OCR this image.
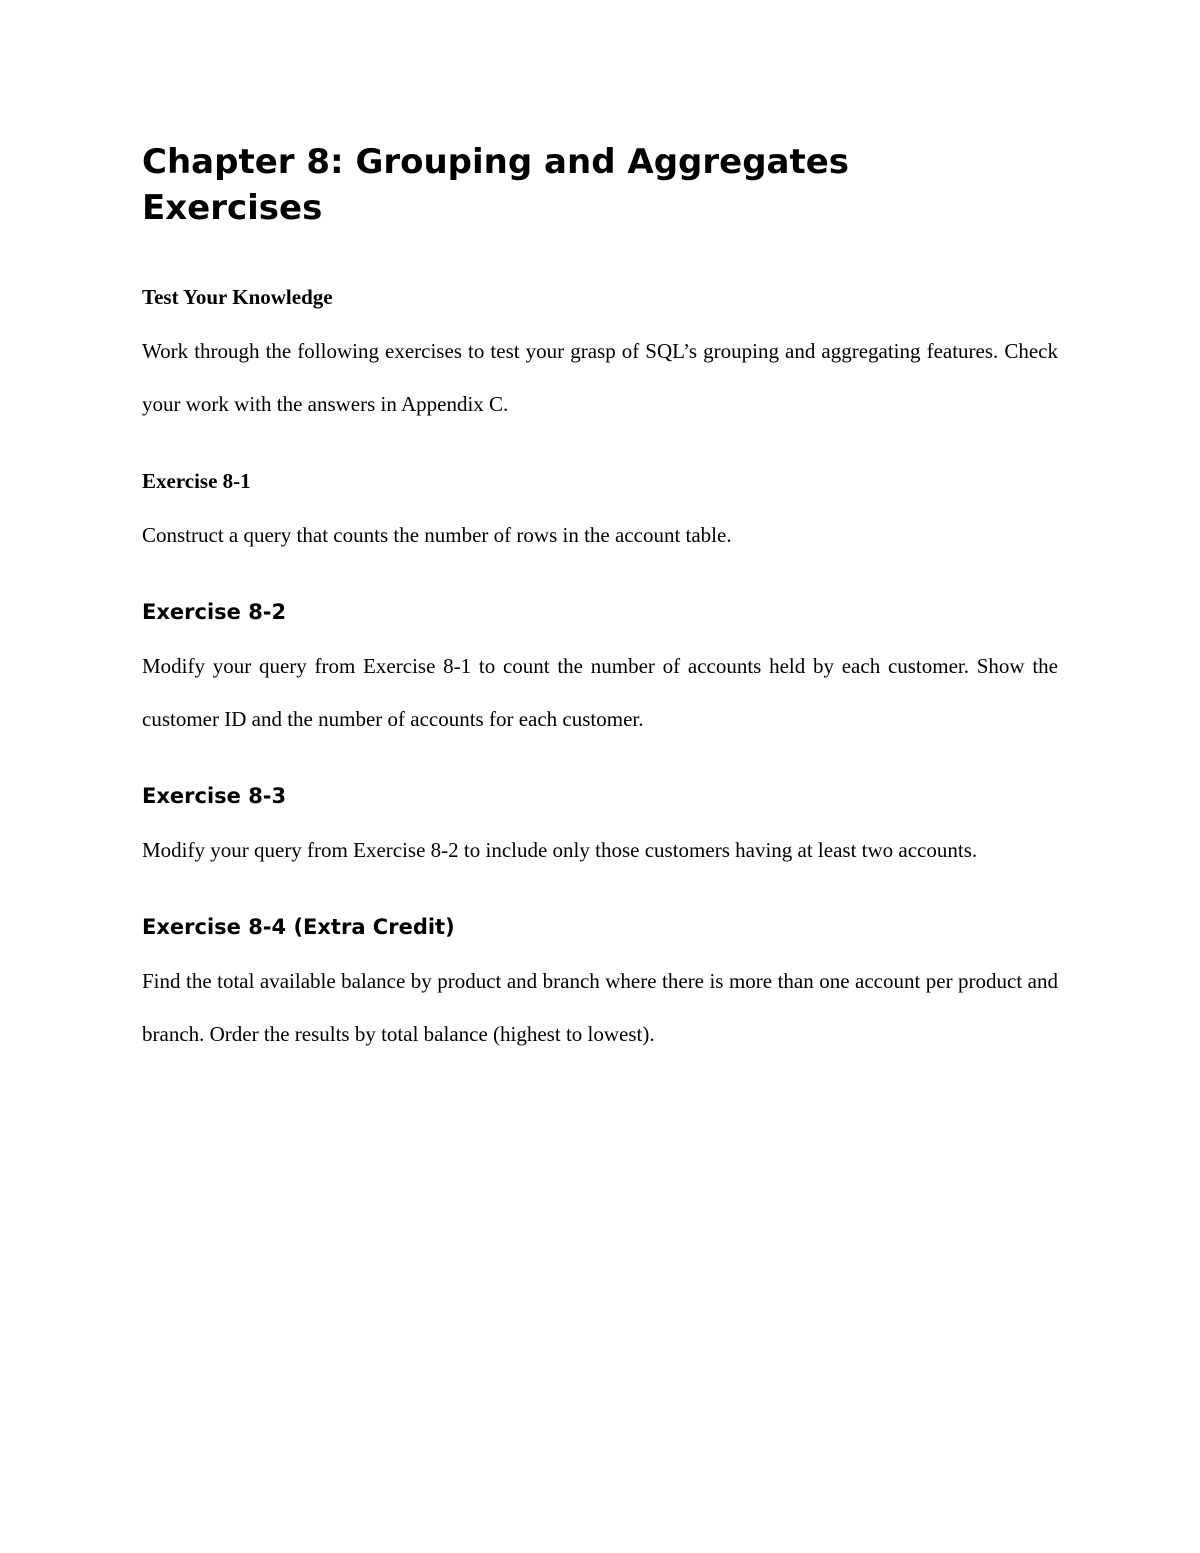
Chapter 8: Grouping and Aggregates Exercises

Test Your Knowledge

Work through the following exercises to test your grasp of SQL’s grouping and aggregating features. Check your work with the answers in Appendix C.

Exercise 8-1

Construct a query that counts the number of rows in the account table.

Exercise 8-2

Modify your query from Exercise 8-1 to count the number of accounts held by each customer. Show the customer ID and the number of accounts for each customer.

Exercise 8-3

Modify your query from Exercise 8-2 to include only those customers having at least two accounts.

Exercise 8-4 (Extra Credit)

Find the total available balance by product and branch where there is more than one account per product and branch. Order the results by total balance (highest to lowest).
